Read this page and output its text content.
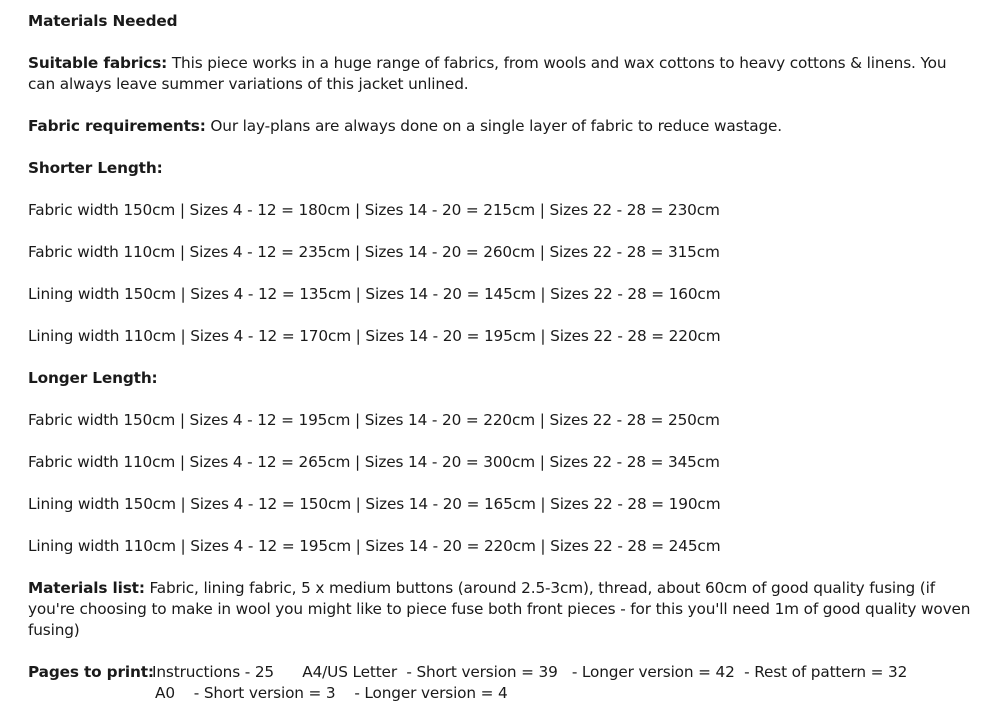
Materials Needed

Suitable fabrics: This piece works in a huge range of fabrics, from wools and wax cottons to heavy cottons & linens. You can always leave summer variations of this jacket unlined.

Fabric requirements: Our lay-plans are always done on a single layer of fabric to reduce wastage.

Shorter Length:

Fabric width 150cm | Sizes 4 - 12 = 180cm | Sizes 14 - 20 = 215cm | Sizes 22 - 28 = 230cm

Fabric width 110cm | Sizes 4 - 12 = 235cm | Sizes 14 - 20 = 260cm | Sizes 22 - 28 = 315cm

Lining width 150cm | Sizes 4 - 12 = 135cm | Sizes 14 - 20 = 145cm | Sizes 22 - 28 = 160cm

Lining width 110cm | Sizes 4 - 12 = 170cm | Sizes 14 - 20 = 195cm | Sizes 22 - 28 = 220cm

Longer Length:

Fabric width 150cm | Sizes 4 - 12 = 195cm | Sizes 14 - 20 = 220cm | Sizes 22 - 28 = 250cm

Fabric width 110cm | Sizes 4 - 12 = 265cm | Sizes 14 - 20 = 300cm | Sizes 22 - 28 = 345cm

Lining width 150cm | Sizes 4 - 12 = 150cm | Sizes 14 - 20 = 165cm | Sizes 22 - 28 = 190cm

Lining width 110cm | Sizes 4 - 12 = 195cm | Sizes 14 - 20 = 220cm | Sizes 22 - 28 = 245cm

Materials list: Fabric, lining fabric, 5 x medium buttons (around 2.5-3cm), thread, about 60cm of good quality fusing (if you're choosing to make in wool you might like to piece fuse both front pieces - for this you'll need 1m of good quality woven fusing)

Pages to print:
Instructions - 25      A4/US Letter  - Short version = 39   - Longer version = 42  - Rest of pattern = 32
A0    - Short version = 3    - Longer version = 4
